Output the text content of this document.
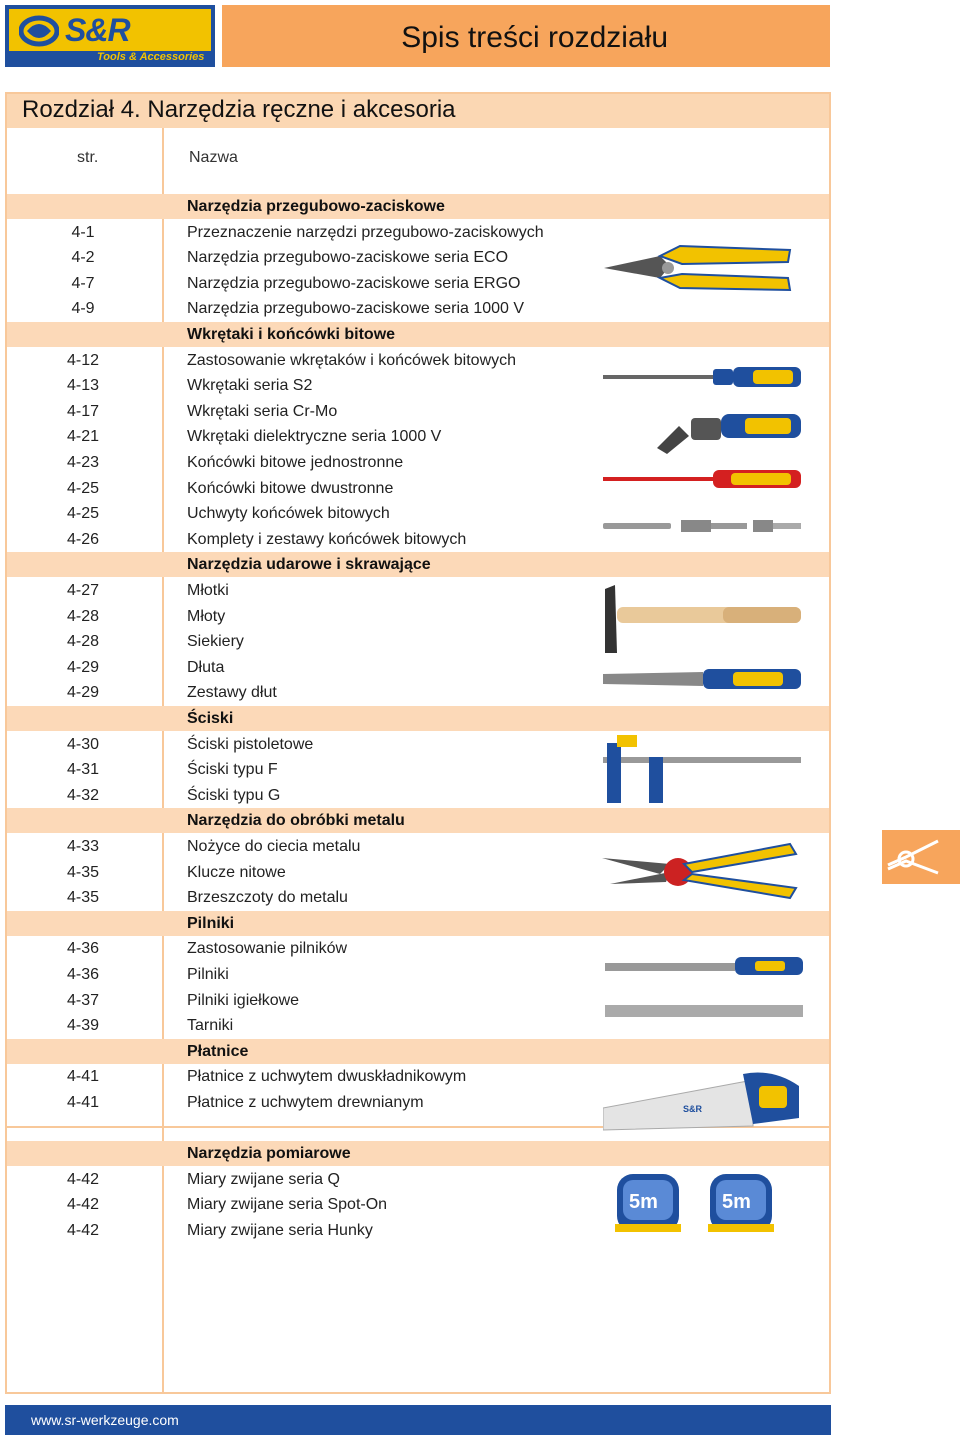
S&R
Tools & Accessories
Spis treści rozdziału
Rozdział 4. Narzędzia ręczne i akcesoria
str.	Nazwa
Narzędzia przegubowo-zaciskowe
4-1	Przeznaczenie narzędzi przegubowo-zaciskowych
4-2	Narzędzia przegubowo-zaciskowe seria ECO
4-7	Narzędzia przegubowo-zaciskowe seria ERGO
4-9	Narzędzia przegubowo-zaciskowe seria 1000 V
Wkrętaki i końcówki bitowe
4-12	Zastosowanie wkrętaków i końcówek bitowych
4-13	Wkrętaki seria S2
4-17	Wkrętaki seria Cr-Mo
4-21	Wkrętaki dielektryczne seria 1000 V
4-23	Końcówki bitowe jednostronne
4-25	Końcówki bitowe dwustronne
4-25	Uchwyty końcówek bitowych
4-26	Komplety i zestawy końcówek bitowych
Narzędzia udarowe i skrawające
4-27	Młotki
4-28	Młoty
4-28	Siekiery
4-29	Dłuta
4-29	Zestawy dłut
Ściski
4-30	Ściski pistoletowe
4-31	Ściski typu F
4-32	Ściski typu G
Narzędzia do obróbki metalu
4-33	Nożyce do ciecia metalu
4-35	Klucze nitowe
4-35	Brzeszczoty do metalu
Pilniki
4-36	Zastosowanie pilników
4-36	Pilniki
4-37	Pilniki igiełkowe
4-39	Tarniki
Płatnice
4-41	Płatnice z uchwytem dwuskładnikowym
4-41	Płatnice z uchwytem drewnianym
Narzędzia pomiarowe
4-42	Miary zwijane seria Q
4-42	Miary zwijane seria Spot-On
4-42	Miary zwijane seria Hunky
S&R
5m	5m
www.sr-werkzeuge.com
